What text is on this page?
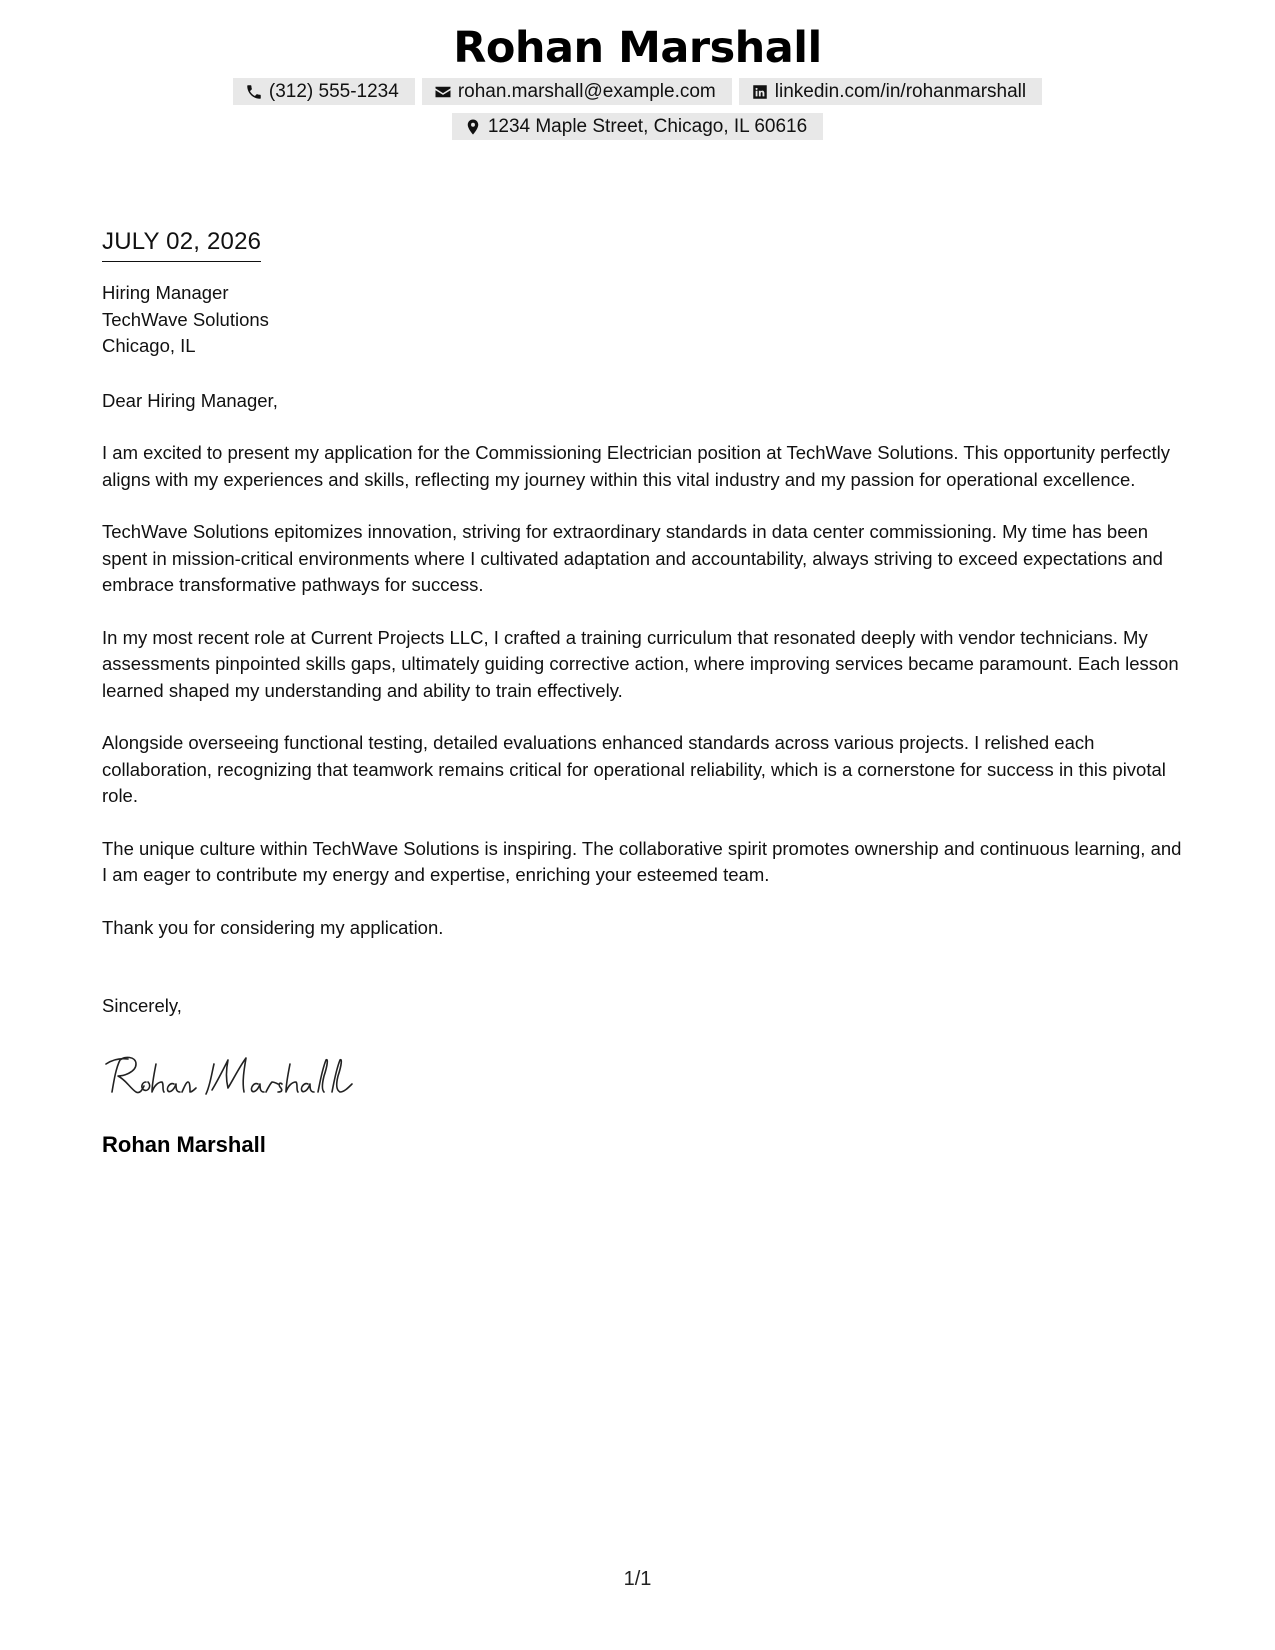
Rohan Marshall
(312) 555-1234	rohan.marshall@example.com	linkedin.com/in/rohanmarshall
1234 Maple Street, Chicago, IL 60616
JULY 02, 2026
Hiring Manager
TechWave Solutions
Chicago, IL
Dear Hiring Manager,

I am excited to present my application for the Commissioning Electrician position at TechWave Solutions. This opportunity perfectly aligns with my experiences and skills, reflecting my journey within this vital industry and my passion for operational excellence.

TechWave Solutions epitomizes innovation, striving for extraordinary standards in data center commissioning. My time has been spent in mission-critical environments where I cultivated adaptation and accountability, always striving to exceed expectations and embrace transformative pathways for success.

In my most recent role at Current Projects LLC, I crafted a training curriculum that resonated deeply with vendor technicians. My assessments pinpointed skills gaps, ultimately guiding corrective action, where improving services became paramount. Each lesson learned shaped my understanding and ability to train effectively.

Alongside overseeing functional testing, detailed evaluations enhanced standards across various projects. I relished each collaboration, recognizing that teamwork remains critical for operational reliability, which is a cornerstone for success in this pivotal role.

The unique culture within TechWave Solutions is inspiring. The collaborative spirit promotes ownership and continuous learning, and I am eager to contribute my energy and expertise, enriching your esteemed team.

Thank you for considering my application.

Sincerely,
Rohan Marshall
1/1
